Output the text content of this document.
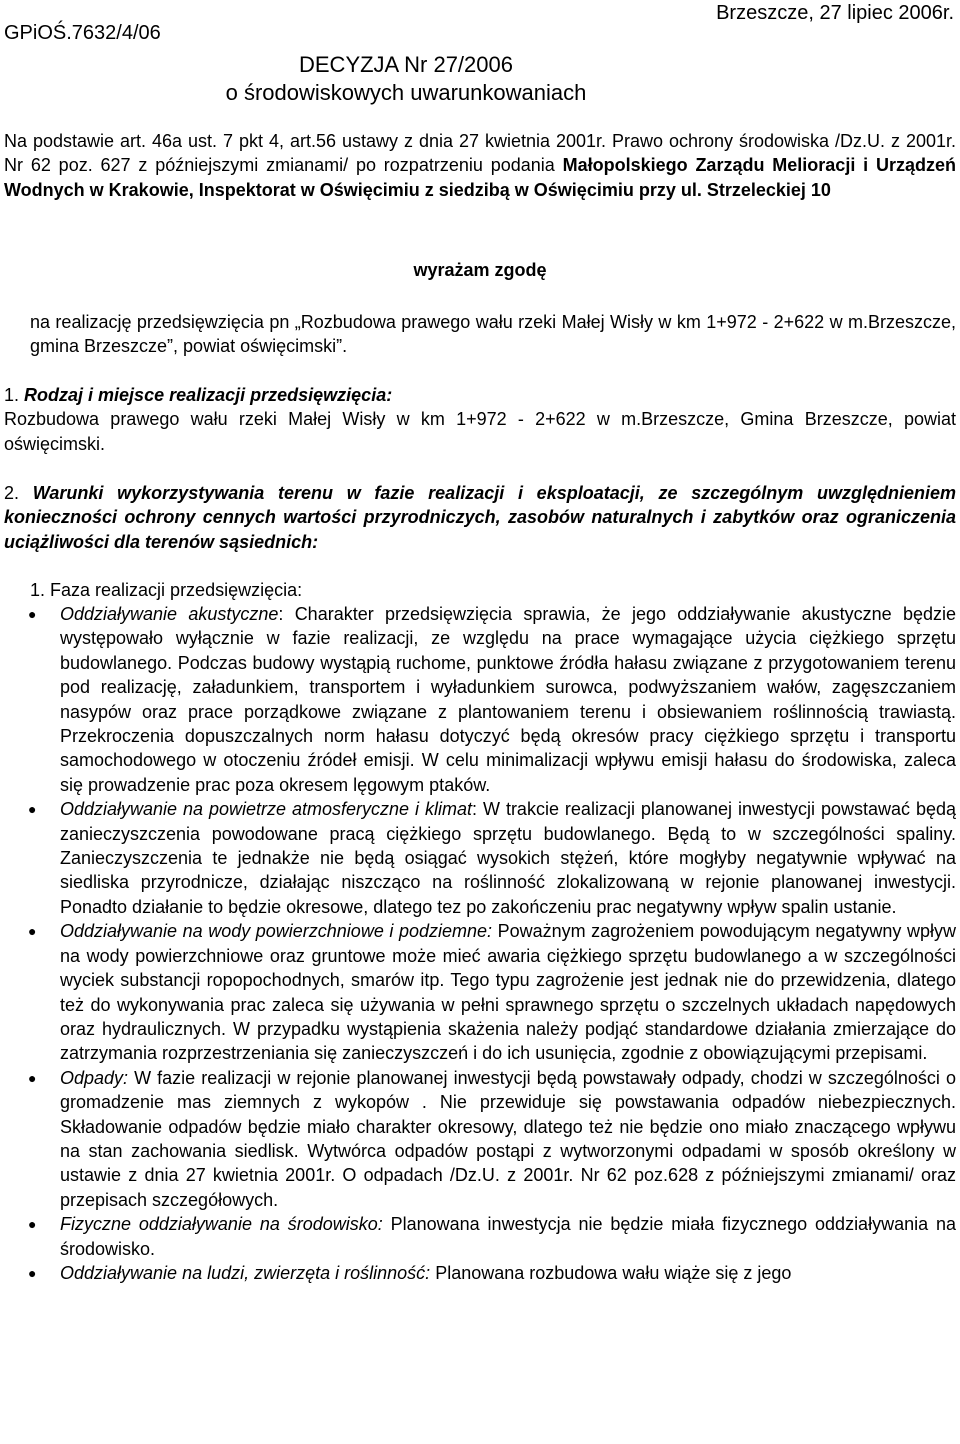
GPiOŚ.7632/4/06
Brzeszcze, 27 lipiec 2006r.
DECYZJA Nr 27/2006
o środowiskowych uwarunkowaniach
Na podstawie art. 46a ust. 7 pkt 4, art.56 ustawy z dnia 27 kwietnia 2001r. Prawo ochrony środowiska /Dz.U. z 2001r. Nr 62 poz. 627 z późniejszymi zmianami/ po rozpatrzeniu podania Małopolskiego Zarządu Melioracji i Urządzeń Wodnych w Krakowie, Inspektorat w Oświęcimiu z siedzibą w Oświęcimiu przy ul. Strzeleckiej 10
wyrażam zgodę
na realizację przedsięwzięcia pn „Rozbudowa prawego wału rzeki Małej Wisły w km 1+972 - 2+622 w m.Brzeszcze, gmina Brzeszcze”, powiat oświęcimski”.
1. Rodzaj i miejsce realizacji przedsięwzięcia:
Rozbudowa prawego wału rzeki Małej Wisły w km 1+972 - 2+622 w m.Brzeszcze, Gmina Brzeszcze, powiat oświęcimski.
2. Warunki wykorzystywania terenu w fazie realizacji i eksploatacji, ze szczególnym uwzględnieniem konieczności ochrony cennych wartości przyrodniczych, zasobów naturalnych i zabytków oraz ograniczenia uciążliwości dla terenów sąsiednich:
1. Faza realizacji przedsięwzięcia:
● Oddziaływanie akustyczne: Charakter przedsięwzięcia sprawia, że jego oddziaływanie akustyczne będzie występowało wyłącznie w fazie realizacji, ze względu na prace wymagające użycia ciężkiego sprzętu budowlanego. Podczas budowy wystąpią ruchome, punktowe źródła hałasu związane z przygotowaniem terenu pod realizację, załadunkiem, transportem i wyładunkiem surowca, podwyższaniem wałów, zagęszczaniem nasypów oraz prace porządkowe związane z plantowaniem terenu i obsiewaniem roślinnością trawiastą. Przekroczenia dopuszczalnych norm hałasu dotyczyć będą okresów pracy ciężkiego sprzętu i transportu samochodowego w otoczeniu źródeł emisji. W celu minimalizacji wpływu emisji hałasu do środowiska, zaleca się prowadzenie prac poza okresem lęgowym ptaków.
● Oddziaływanie na powietrze atmosferyczne i klimat: W trakcie realizacji planowanej inwestycji powstawać będą zanieczyszczenia powodowane pracą ciężkiego sprzętu budowlanego. Będą to w szczególności spaliny. Zanieczyszczenia te jednakże nie będą osiągać wysokich stężeń, które mogłyby negatywnie wpływać na siedliska przyrodnicze, działając niszcząco na roślinność zlokalizowaną w rejonie planowanej inwestycji. Ponadto działanie to będzie okresowe, dlatego tez po zakończeniu prac negatywny wpływ spalin ustanie.
● Oddziaływanie na wody powierzchniowe i podziemne: Poważnym zagrożeniem powodującym negatywny wpływ na wody powierzchniowe oraz gruntowe może mieć awaria ciężkiego sprzętu budowlanego a w szczególności wyciek substancji ropopochodnych, smarów itp. Tego typu zagrożenie jest jednak nie do przewidzenia, dlatego też do wykonywania prac zaleca się używania w pełni sprawnego sprzętu o szczelnych układach napędowych oraz hydraulicznych. W przypadku wystąpienia skażenia należy podjąć standardowe działania zmierzające do zatrzymania rozprzestrzeniania się zanieczyszczeń i do ich usunięcia, zgodnie z obowiązującymi przepisami.
● Odpady: W fazie realizacji w rejonie planowanej inwestycji będą powstawały odpady, chodzi w szczególności o gromadzenie mas ziemnych z wykopów . Nie przewiduje się powstawania odpadów niebezpiecznych. Składowanie odpadów będzie miało charakter okresowy, dlatego też nie będzie ono miało znaczącego wpływu na stan zachowania siedlisk. Wytwórca odpadów postąpi z wytworzonymi odpadami w sposób określony w ustawie z dnia 27 kwietnia 2001r. O odpadach /Dz.U. z 2001r. Nr 62 poz.628 z późniejszymi zmianami/ oraz przepisach szczegółowych.
● Fizyczne oddziaływanie na środowisko: Planowana inwestycja nie będzie miała fizycznego oddziaływania na środowisko.
● Oddziaływanie na ludzi, zwierzęta i roślinność: Planowana rozbudowa wału wiąże się z jego
